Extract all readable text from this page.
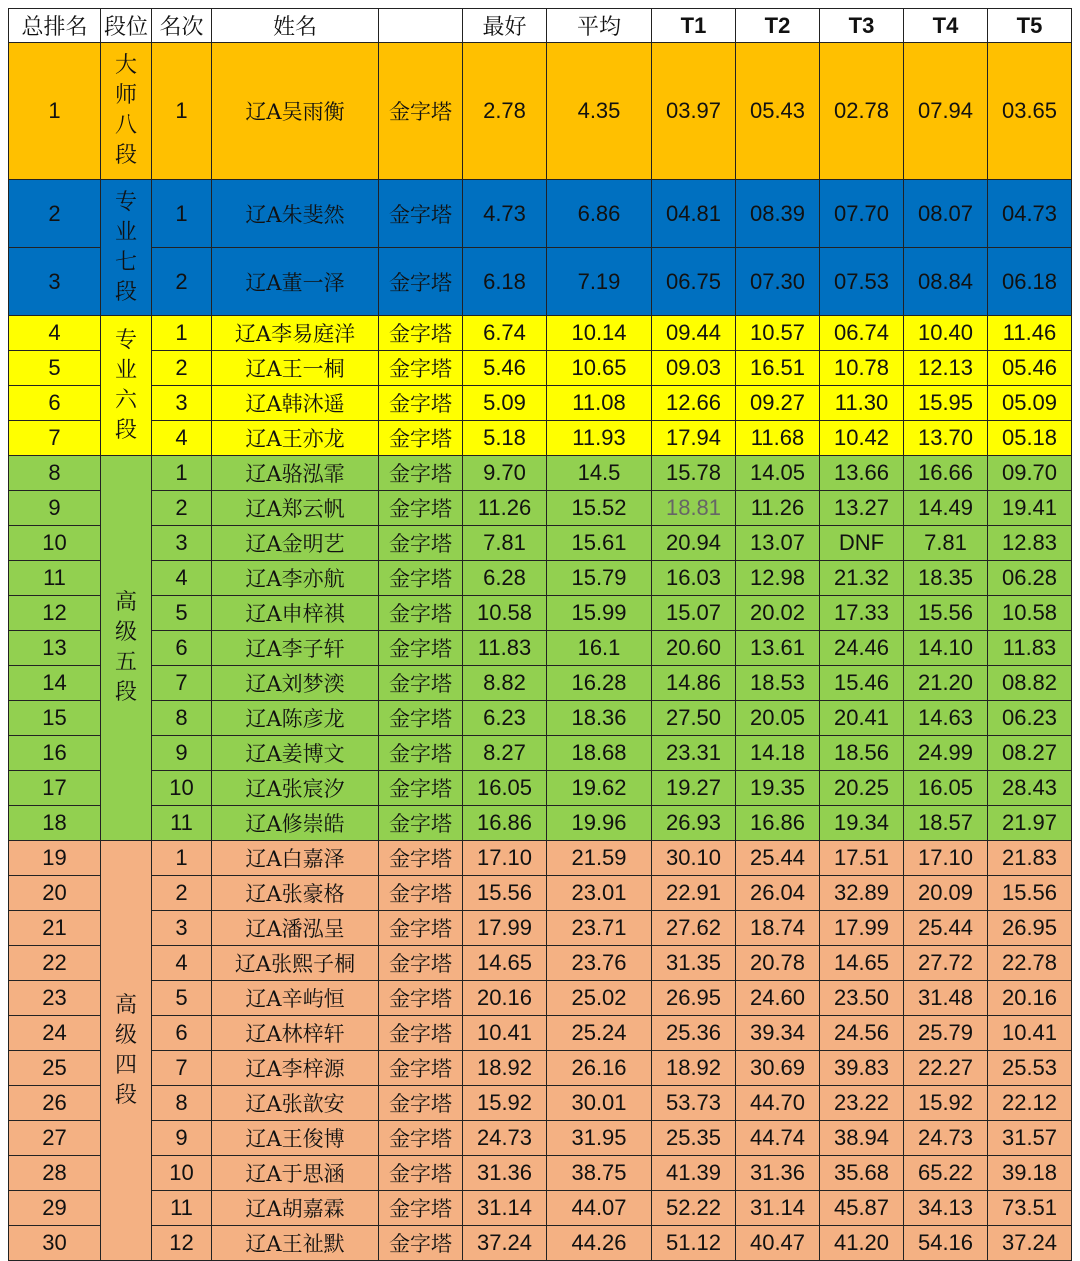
总排名	段位	名次	姓名		最好	平均	T1	T2	T3	T4	T5
1	大师八段	1	辽A吴雨衡	金字塔	2.78	4.35	03.97	05.43	02.78	07.94	03.65
2	专业七段	1	辽A朱斐然	金字塔	4.73	6.86	04.81	08.39	07.70	08.07	04.73
3		2	辽A董一泽	金字塔	6.18	7.19	06.75	07.30	07.53	08.84	06.18
4	专业六段	1	辽A李易庭洋	金字塔	6.74	10.14	09.44	10.57	06.74	10.40	11.46
5		2	辽A王一桐	金字塔	5.46	10.65	09.03	16.51	10.78	12.13	05.46
6		3	辽A韩沐遥	金字塔	5.09	11.08	12.66	09.27	11.30	15.95	05.09
7		4	辽A王亦龙	金字塔	5.18	11.93	17.94	11.68	10.42	13.70	05.18
8	高级五段	1	辽A骆泓霏	金字塔	9.70	14.5	15.78	14.05	13.66	16.66	09.70
9		2	辽A郑云帆	金字塔	11.26	15.52	18.81	11.26	13.27	14.49	19.41
10		3	辽A金明艺	金字塔	7.81	15.61	20.94	13.07	DNF	7.81	12.83
11		4	辽A李亦航	金字塔	6.28	15.79	16.03	12.98	21.32	18.35	06.28
12		5	辽A申梓祺	金字塔	10.58	15.99	15.07	20.02	17.33	15.56	10.58
13		6	辽A李子轩	金字塔	11.83	16.1	20.60	13.61	24.46	14.10	11.83
14		7	辽A刘梦湙	金字塔	8.82	16.28	14.86	18.53	15.46	21.20	08.82
15		8	辽A陈彦龙	金字塔	6.23	18.36	27.50	20.05	20.41	14.63	06.23
16		9	辽A姜博文	金字塔	8.27	18.68	23.31	14.18	18.56	24.99	08.27
17		10	辽A张宸汐	金字塔	16.05	19.62	19.27	19.35	20.25	16.05	28.43
18		11	辽A修崇皓	金字塔	16.86	19.96	26.93	16.86	19.34	18.57	21.97
19	高级四段	1	辽A白嘉泽	金字塔	17.10	21.59	30.10	25.44	17.51	17.10	21.83
20		2	辽A张豪格	金字塔	15.56	23.01	22.91	26.04	32.89	20.09	15.56
21		3	辽A潘泓呈	金字塔	17.99	23.71	27.62	18.74	17.99	25.44	26.95
22		4	辽A张熙子桐	金字塔	14.65	23.76	31.35	20.78	14.65	27.72	22.78
23		5	辽A辛屿恒	金字塔	20.16	25.02	26.95	24.60	23.50	31.48	20.16
24		6	辽A林梓轩	金字塔	10.41	25.24	25.36	39.34	24.56	25.79	10.41
25		7	辽A李梓源	金字塔	18.92	26.16	18.92	30.69	39.83	22.27	25.53
26		8	辽A张歆安	金字塔	15.92	30.01	53.73	44.70	23.22	15.92	22.12
27		9	辽A王俊博	金字塔	24.73	31.95	25.35	44.74	38.94	24.73	31.57
28		10	辽A于思涵	金字塔	31.36	38.75	41.39	31.36	35.68	65.22	39.18
29		11	辽A胡嘉霖	金字塔	31.14	44.07	52.22	31.14	45.87	34.13	73.51
30		12	辽A王祉默	金字塔	37.24	44.26	51.12	40.47	41.20	54.16	37.24
